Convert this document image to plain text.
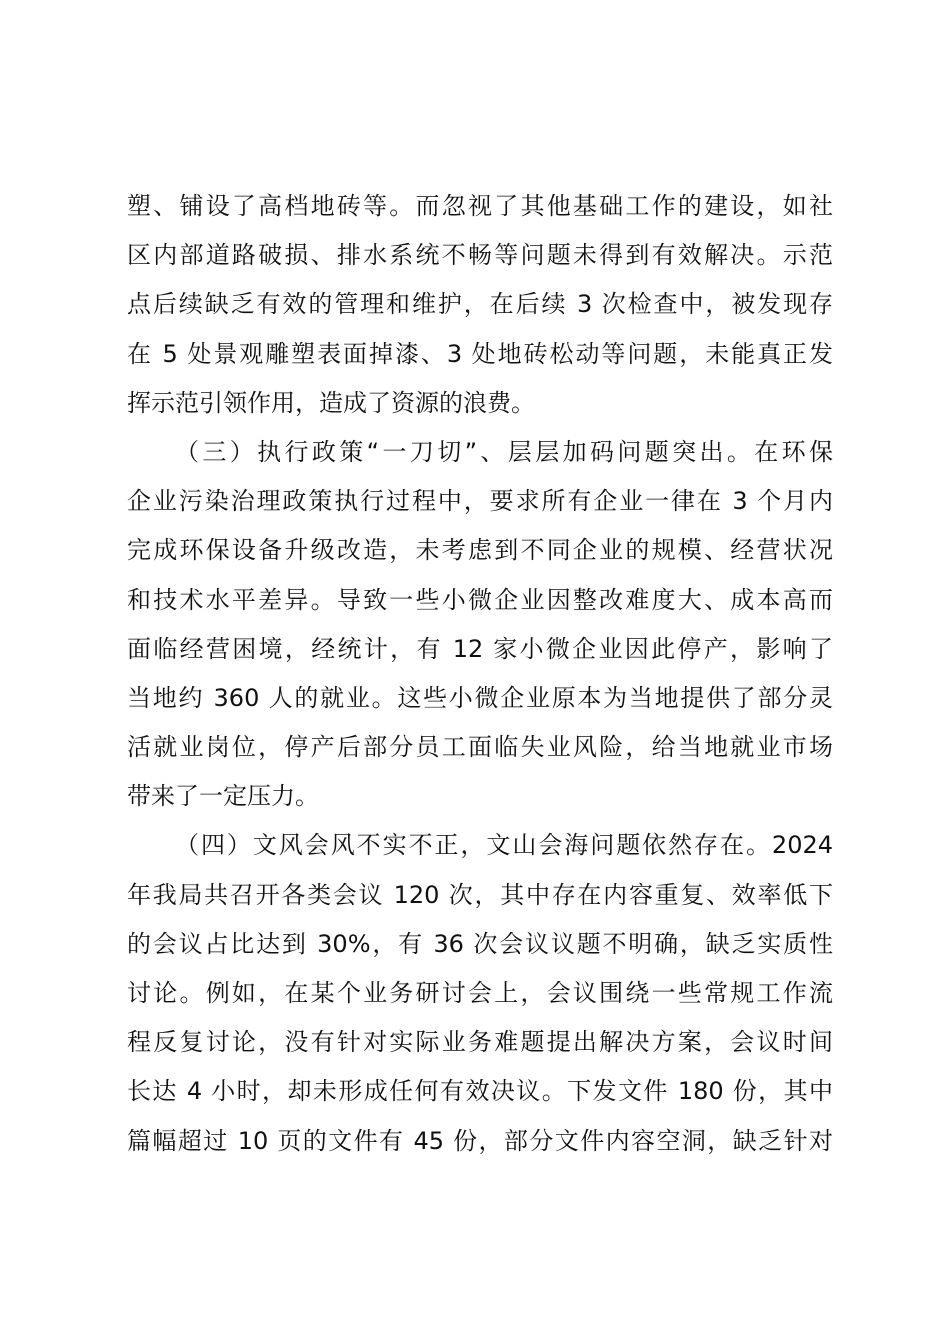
塑、铺设了高档地砖等。而忽视了其他基础工作的建设，如社
区内部道路破损、排水系统不畅等问题未得到有效解决。示范
点后续缺乏有效的管理和维护，在后续 3 次检查中，被发现存
在 5 处景观雕塑表面掉漆、3 处地砖松动等问题，未能真正发
挥示范引领作用，造成了资源的浪费。
（三）执行政策“一刀切”、层层加码问题突出。在环保
企业污染治理政策执行过程中，要求所有企业一律在 3 个月内
完成环保设备升级改造，未考虑到不同企业的规模、经营状况
和技术水平差异。导致一些小微企业因整改难度大、成本高而
面临经营困境，经统计，有 12 家小微企业因此停产，影响了
当地约 360 人的就业。这些小微企业原本为当地提供了部分灵
活就业岗位，停产后部分员工面临失业风险，给当地就业市场
带来了一定压力。
（四）文风会风不实不正，文山会海问题依然存在。2024
年我局共召开各类会议 120 次，其中存在内容重复、效率低下
的会议占比达到 30%，有 36 次会议议题不明确，缺乏实质性
讨论。例如，在某个业务研讨会上，会议围绕一些常规工作流
程反复讨论，没有针对实际业务难题提出解决方案，会议时间
长达 4 小时，却未形成任何有效决议。下发文件 180 份，其中
篇幅超过 10 页的文件有 45 份，部分文件内容空洞，缺乏针对
